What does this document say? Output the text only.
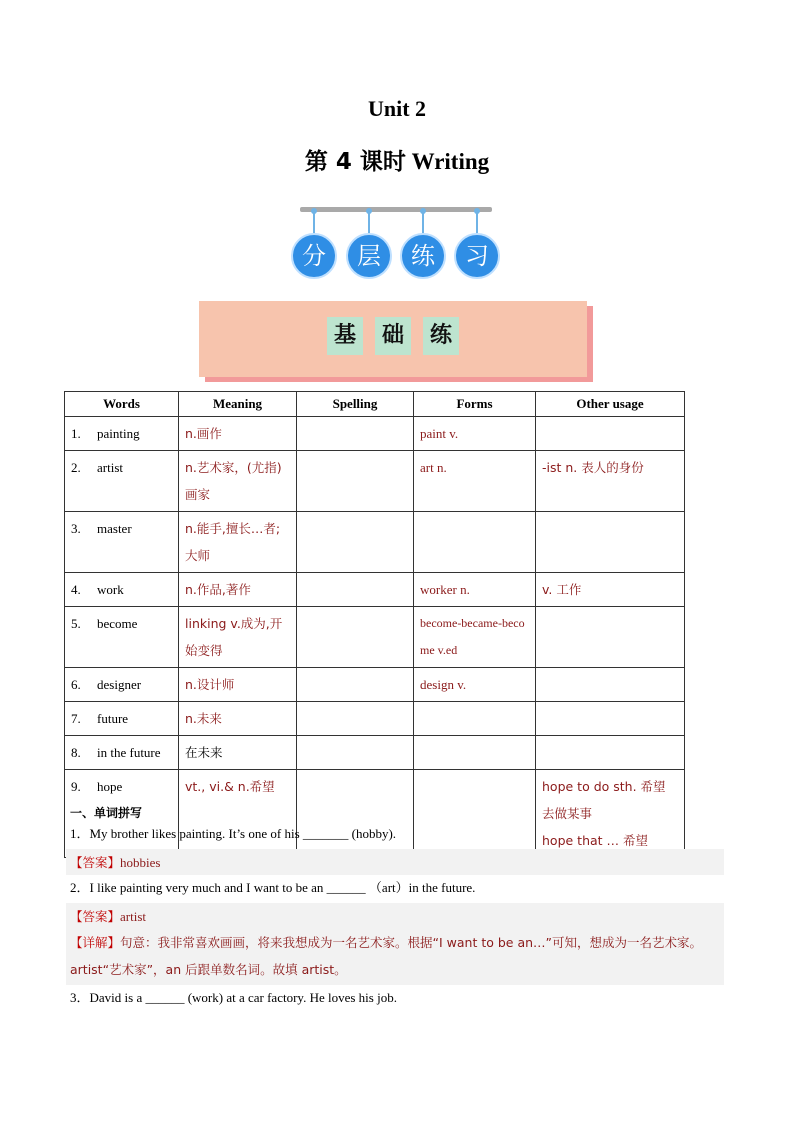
Unit 2
第 4 课时 Writing
分	层	练	习
基	础	练
Words	Meaning	Spelling	Forms	Other usage
1. painting	n.画作		paint v.	
2. artist	n.艺术家，(尤指)画家		art n.	-ist n. 表人的身份
3. master	n.能手,擅长…者;大师			
4. work	n.作品,著作		worker n.	v. 工作
5. become	linking v.成为,开始变得		become-became-become v.ed	
6. designer	n.设计师		design v.	
7. future	n.未来			
8. in the future	在未来			
9. hope	vt., vi.& n.希望			hope to do sth. 希望去做某事
hope that … 希望
一、单词拼写
1．My brother likes painting. It’s one of his _______ (hobby).
【答案】hobbies
2．I like painting very much and I want to be an ______ （art）in the future.
【答案】artist
【详解】句意：我非常喜欢画画，将来我想成为一名艺术家。根据“I want to be an…”可知，想成为一名艺术家。artist“艺术家”，an 后跟单数名词。故填 artist。
3．David is a ______ (work) at a car factory. He loves his job.
